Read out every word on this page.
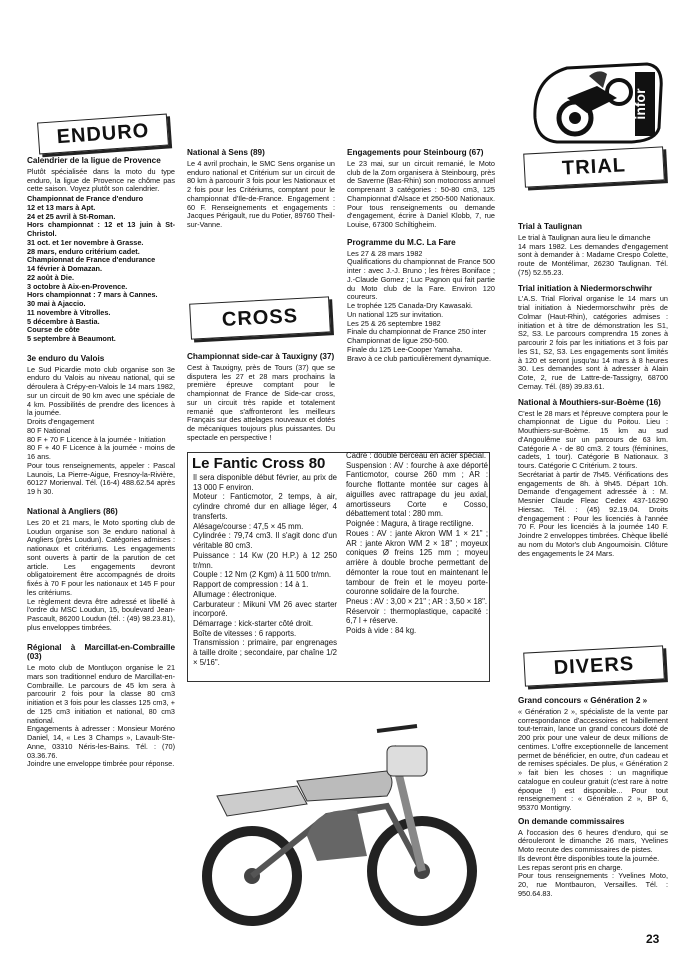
infor
ENDURO
CROSS
TRIAL
DIVERS
Calendrier de la ligue de Provence
Plutôt spécialisée dans la moto du type enduro, la ligue de Provence ne chôme pas cette saison. Voyez plutôt son calendrier.
Championnat de France d'enduro
12 et 13 mars à Apt.
24 et 25 avril à St-Roman.
Hors championnat : 12 et 13 juin à St-Christol.
31 oct. et 1er novembre à Grasse.
28 mars, enduro critérium cadet.
Championnat de France d'endurance
14 février à Domazan.
22 août à Die.
3 octobre à Aix-en-Provence.
Hors championnat : 7 mars à Cannes.
30 mai à Ajaccio.
11 novembre à Vitrolles.
5 décembre à Bastia.
Course de côte
5 septembre à Beaumont.
3e enduro du Valois
Le Sud Picardie moto club organise son 3e enduro du Valois au niveau national, qui se déroulera à Crépy-en-Valois le 14 mars 1982, sur un circuit de 90 km avec une spéciale de 4 km. Possibilités de prendre des licences à la journée.
Droits d'engagement
80 F National
80 F + 70 F Licence à la journée - Initiation
80 F + 40 F Licence à la journée - moins de 16 ans.
Pour tous renseignements, appeler : Pascal Launois, La Pierre-Aigue, Fresnoy-la-Rivière, 60127 Morienval. Tél. (16-4) 488.62.54 après 19 h 30.
National à Angliers (86)
Les 20 et 21 mars, le Moto sporting club de Loudun organise son 3e enduro national à Angliers (près Loudun). Catégories admises : nationaux et critériums. Les engagements sont ouverts à partir de la parution de cet article. Les engagements devront obligatoirement être accompagnés de droits fixés à 70 F pour les nationaux et 145 F pour les critériums.
Le règlement devra être adressé et libellé à l'ordre du MSC Loudun, 15, boulevard Jean-Pascault, 86200 Loudun (tél. : (49) 98.23.81), plus enveloppes timbrées.
Régional à Marcillat-en-Combraille (03)
Le moto club de Montluçon organise le 21 mars son traditionnel enduro de Marcillat-en-Combraille. Le parcours de 45 km sera à parcourir 2 fois pour la classe 80 cm3 initiation et 3 fois pour les classes 125 cm3, + de 125 cm3 initiation et national, 80 cm3 national.
Engagements à adresser : Monsieur Moréno Daniel, 14, « Les 3 Champs », Lavault-Ste-Anne, 03310 Néris-les-Bains. Tél. : (70) 03.36.76.
Joindre une enveloppe timbrée pour réponse.
National à Sens (89)
Le 4 avril prochain, le SMC Sens organise un enduro national et Critérium sur un circuit de 80 km à parcourir 3 fois pour les Nationaux et 2 fois pour les Critériums, comptant pour le championnat d'Ile-de-France. Engagement : 60 F. Renseignements et engagements : Jacques Périgault, rue du Potier, 89760 Theil-sur-Vanne.
Championnat side-car à Tauxigny (37)
Cest à Tauxigny, près de Tours (37) que se disputera les 27 et 28 mars prochains la première épreuve comptant pour le championnat de France de Side-car cross, sur un circuit très rapide et totalement remanié que s'affronteront les meilleurs Français sur des attelages nouveaux et dotés de mécaniques toujours plus puissantes. Du spectacle en perspective !
Engagements pour Steinbourg (67)
Le 23 mai, sur un circuit remanié, le Moto club de la Zorn organisera à Steinbourg, près de Saverne (Bas-Rhin) son motocross annuel comprenant 3 catégories : 50-80 cm3, 125 Championnat d'Alsace et 250-500 Nationaux. Pour tous renseignements ou demande d'engagement, écrire à Daniel Klobb, 7, rue Louise, 67300 Schiltigheim.
Programme du M.C. La Fare
Les 27 & 28 mars 1982
Qualifications du championnat de France 500 inter : avec J.-J. Bruno ; les frères Boniface ; J.-Claude Gomez ; Luc Pagnon qui fait partie du Moto club de la Fare. Environ 120 coureurs.
Le trophée 125 Canada-Dry Kawasaki.
Un national 125 sur invitation.
Les 25 & 26 septembre 1982
Finale du championnat de France 250 inter
Championnat de ligue 250-500.
Finale du 125 Lee-Cooper Yamaha.
Bravo à ce club particulièrement dynamique.
Le Fantic Cross 80
Il sera disponible début février, au prix de 13 000 F environ.
Moteur : Fanticmotor, 2 temps, à air, cylindre chromé dur en alliage léger, 4 transferts.
Alésage/course : 47,5 × 45 mm.
Cylindrée : 79,74 cm3. Il s'agit donc d'un véritable 80 cm3.
Puissance : 14 Kw (20 H.P.) à 12 250 tr/mn.
Couple : 12 Nm (2 Kgm) à 11 500 tr/mn.
Rapport de compression : 14 à 1.
Allumage : électronique.
Carburateur : Mikuni VM 26 avec starter incorporé.
Démarrage : kick-starter côté droit.
Boîte de vitesses : 6 rapports.
Transmission : primaire, par engrenages à taille droite ; secondaire, par chaîne 1/2 × 5/16".
Cadre : double berceau en acier spécial.
Suspension : AV : fourche à axe déporté Fanticmotor, course 260 mm ; AR : fourche flottante montée sur cages à aiguilles avec rattrapage du jeu axial, amortisseurs Corte e Cosso, débattement total : 280 mm.
Poignée : Magura, à tirage rectiligne.
Roues : AV : jante Akron WM 1 × 21" ; AR : jante Akron WM 2 × 18" ; moyeux coniques Ø freins 125 mm ; moyeu arrière à double broche permettant de démonter la roue tout en maintenant le tambour de frein et le moyeu porte-couronne solidaire de la fourche.
Pneus : AV : 3,00 × 21" ; AR : 3,50 × 18".
Réservoir : thermoplastique, capacité : 6,7 l + réserve.
Poids à vide : 84 kg.
Trial à Taulignan
Le trial à Taulignan aura lieu le dimanche
14 mars 1982. Les demandes d'engagement sont à demander à : Madame Crespo Colette, route de Montélimar, 26230 Taulignan. Tél. (75) 52.55.23.
Trial initiation à Niedermorschwihr
L'A.S. Trial Florival organise le 14 mars un trial initiation à Niedermorschwihr près de Colmar (Haut-Rhin), catégories admises : initiation et à titre de démonstration les S1, S2, S3. Le parcours comprendra 15 zones à parcourir 2 fois par les initiations et 3 fois par les S1, S2, S3. Les engagements sont limités à 120 et seront jusqu'au 14 mars à 8 heures 30. Les demandes sont à adresser à Alain Cote, 2, rue de Lattre-de-Tassigny, 68700 Cernay. Tél. (89) 39.83.61.
National à Mouthiers-sur-Boème (16)
C'est le 28 mars et l'épreuve comptera pour le championnat de Ligue du Poitou. Lieu : Mouthiers-sur-Boème. 15 km au sud d'Angoulême sur un parcours de 63 km. Catégorie A - de 80 cm3. 2 tours (féminines, cadets, 1 tour). Catégorie B Nationaux. 3 tours. Catégorie C Critérium. 2 tours.
Secrétariat à partir de 7h45. Vérifications des engagements de 8h. à 9h45. Départ 10h. Demande d'engagement adressée à : M. Mesnier Claude Fleac Cedex 437-16290 Hiersac. Tél. : (45) 92.19.04. Droits d'engagement : Pour les licenciés à l'année 70 F. Pour les licenciés à la journée 140 F. Joindre 2 enveloppes timbrées. Chèque libellé au nom du Motor's club Angoumoisin. Clôture des engagements le 24 Mars.
Grand concours « Génération 2 »
« Génération 2 », spécialiste de la vente par correspondance d'accessoires et habillement tout-terrain, lance un grand concours doté de 200 prix pour une valeur de deux millions de centimes. L'offre exceptionnelle de lancement permet de bénéficier, en outre, d'un cadeau et de remises spéciales. De plus, « Génération 2 » fait bien les choses : un magnifique catalogue en couleur gratuit (c'est rare à notre époque !) est disponible... Pour tout renseignement : « Génération 2 », BP 6, 95370 Montigny.
On demande commissaires
A l'occasion des 6 heures d'enduro, qui se dérouleront le dimanche 26 mars, Yvelines Moto recrute des commissaires de pistes.
Ils devront être disponibles toute la journée.
Les repas seront pris en charge.
Pour tous renseignements : Yvelines Moto, 20, rue Montbauron, Versailles. Tél. : 950.64.83.
23
